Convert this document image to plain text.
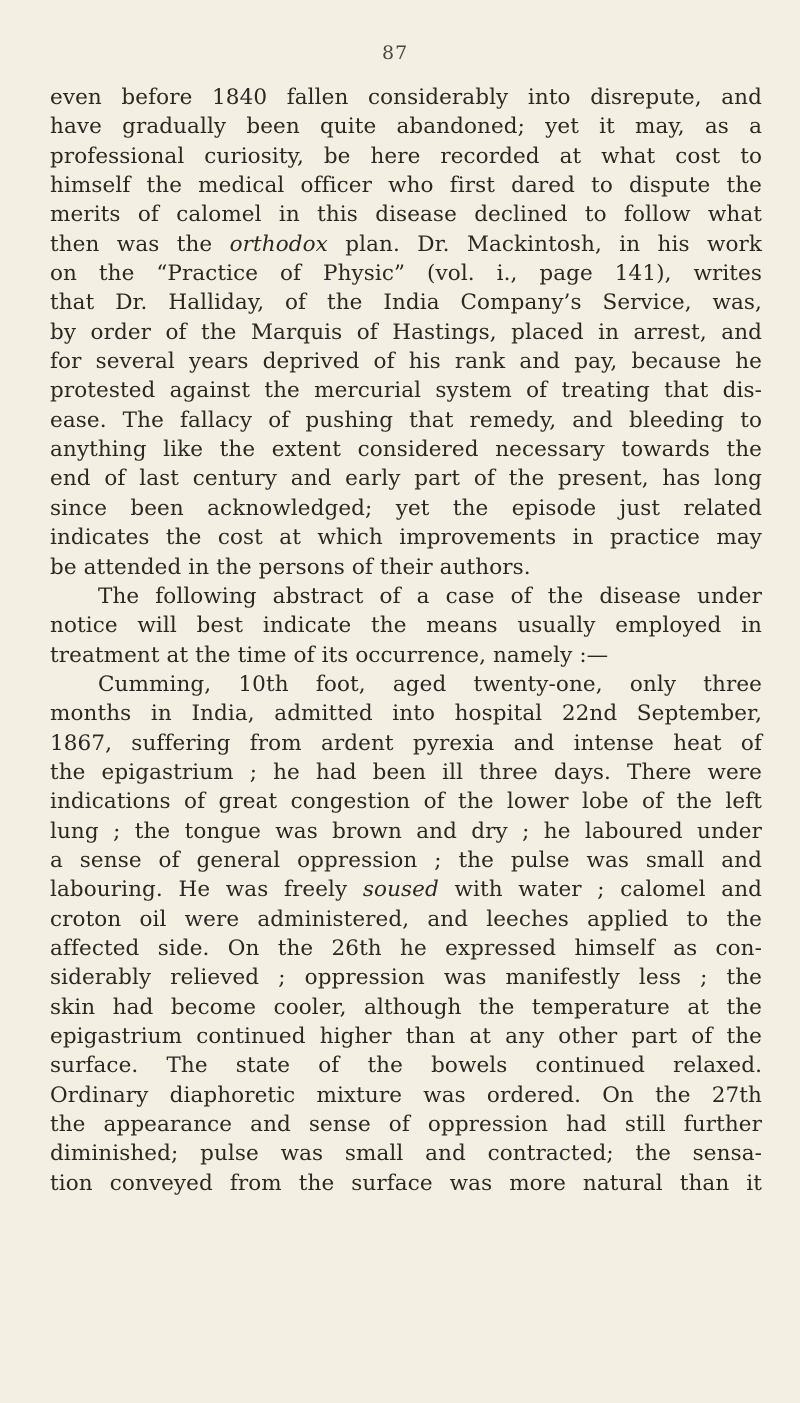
87
even before 1840 fallen considerably into disrepute, and
have gradually been quite abandoned; yet it may, as a
professional curiosity, be here recorded at what cost to
himself the medical officer who first dared to dispute the
merits of calomel in this disease declined to follow what
then was the orthodox plan. Dr. Mackintosh, in his work
on the “Practice of Physic” (vol. i., page 141), writes
that Dr. Halliday, of the India Company’s Service, was,
by order of the Marquis of Hastings, placed in arrest, and
for several years deprived of his rank and pay, because he
protested against the mercurial system of treating that dis-
ease. The fallacy of pushing that remedy, and bleeding to
anything like the extent considered necessary towards the
end of last century and early part of the present, has long
since been acknowledged; yet the episode just related
indicates the cost at which improvements in practice may
be attended in the persons of their authors.
The following abstract of a case of the disease under
notice will best indicate the means usually employed in
treatment at the time of its occurrence, namely :—
Cumming, 10th foot, aged twenty-one, only three
months in India, admitted into hospital 22nd September,
1867, suffering from ardent pyrexia and intense heat of
the epigastrium ; he had been ill three days. There were
indications of great congestion of the lower lobe of the left
lung ; the tongue was brown and dry ; he laboured under
a sense of general oppression ; the pulse was small and
labouring. He was freely soused with water ; calomel and
croton oil were administered, and leeches applied to the
affected side. On the 26th he expressed himself as con-
siderably relieved ; oppression was manifestly less ; the
skin had become cooler, although the temperature at the
epigastrium continued higher than at any other part of the
surface. The state of the bowels continued relaxed.
Ordinary diaphoretic mixture was ordered. On the 27th
the appearance and sense of oppression had still further
diminished; pulse was small and contracted; the sensa-
tion conveyed from the surface was more natural than it
